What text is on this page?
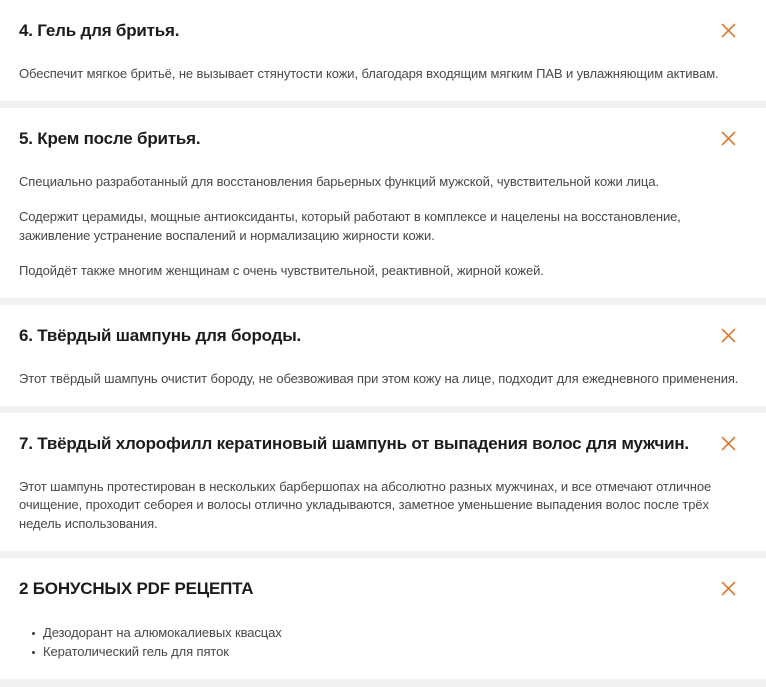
4. Гель для бритья.

Обеспечит мягкое бритьё, не вызывает стянутости кожи, благодаря входящим мягким ПАВ и увлажняющим активам.

5. Крем после бритья.

Специально разработанный для восстановления барьерных функций мужской, чувствительной кожи лица.

Содержит церамиды, мощные антиоксиданты, который работают в комплексе и нацелены на восстановление, заживление устранение воспалений и нормализацию жирности кожи.

Подойдёт также многим женщинам с очень чувствительной, реактивной, жирной кожей.

6. Твёрдый шампунь для бороды.

Этот твёрдый шампунь очистит бороду, не обезвоживая при этом кожу на лице, подходит для ежедневного применения.

7. Твёрдый хлорофилл кератиновый шампунь от выпадения волос для мужчин.

Этот шампунь протестирован в нескольких барбершопах на абсолютно разных мужчинах, и все отмечают отличное очищение, проходит себорея и волосы отлично укладываются, заметное уменьшение выпадения волос после трёх недель использования.

2 БОНУСНЫХ PDF РЕЦЕПТА
Дезодорант на алюмокалиевых квасцах
Кератолический гель для пяток
